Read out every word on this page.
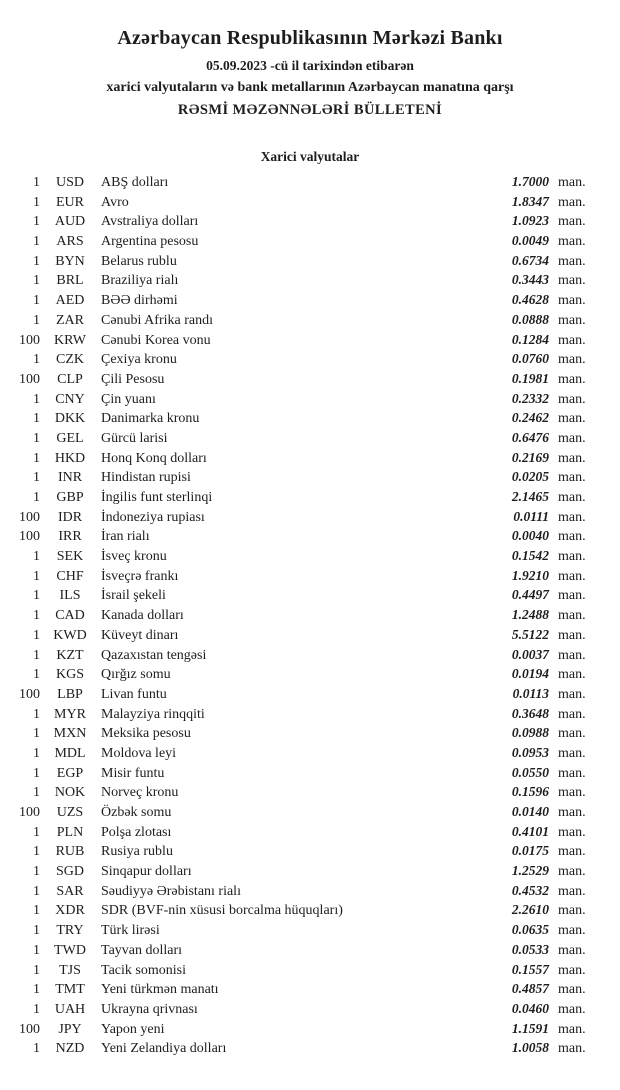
Azərbaycan Respublikasının Mərkəzi Bankı
05.09.2023 -cü il tarixindən etibarən
xarici valyutaların və bank metallarının Azərbaycan manatına qarşı
RƏSMİ MƏZƏNNƏLƏRİ BÜLLETENİ
Xarici valyutalar
1	USD	ABŞ dolları	1.7000 man.
1	EUR	Avro	1.8347 man.
1	AUD	Avstraliya dolları	1.0923 man.
1	ARS	Argentina pesosu	0.0049 man.
1	BYN	Belarus rublu	0.6734 man.
1	BRL	Braziliya rialı	0.3443 man.
1	AED	BƏƏ dirhəmi	0.4628 man.
1	ZAR	Cənubi Afrika randı	0.0888 man.
100	KRW	Cənubi Korea vonu	0.1284 man.
1	CZK	Çexiya kronu	0.0760 man.
100	CLP	Çili Pesosu	0.1981 man.
1	CNY	Çin yuanı	0.2332 man.
1	DKK	Danimarka kronu	0.2462 man.
1	GEL	Gürcü larisi	0.6476 man.
1	HKD	Honq Konq dolları	0.2169 man.
1	INR	Hindistan rupisi	0.0205 man.
1	GBP	İngilis funt sterlinqi	2.1465 man.
100	IDR	İndoneziya rupiası	0.0111 man.
100	IRR	İran rialı	0.0040 man.
1	SEK	İsveç kronu	0.1542 man.
1	CHF	İsveçrə frankı	1.9210 man.
1	ILS	İsrail şekeli	0.4497 man.
1	CAD	Kanada dolları	1.2488 man.
1 KWD	Küveyt dinarı	5.5122 man.
1	KZT	Qazaxıstan tengəsi	0.0037 man.
1	KGS	Qırğız somu	0.0194 man.
100	LBP	Livan funtu	0.0113 man.
1	MYR	Malayziya rinqqiti	0.3648 man.
1 MXN	Meksika pesosu	0.0988 man.
1	MDL	Moldova leyi	0.0953 man.
1	EGP	Misir funtu	0.0550 man.
1	NOK	Norveç kronu	0.1596 man.
100	UZS	Özbək somu	0.0140 man.
1	PLN	Polşa zlotası	0.4101 man.
1	RUB	Rusiya rublu	0.0175 man.
1	SGD	Sinqapur dolları	1.2529 man.
1	SAR	Səudiyyə Ərəbistanı rialı	0.4532 man.
1	XDR	SDR (BVF-nin xüsusi borcalma hüquqları)	2.2610 man.
1	TRY	Türk lirəsi	0.0635 man.
1	TWD	Tayvan dolları	0.0533 man.
1	TJS	Tacik somonisi	0.1557 man.
1	TMT	Yeni türkmən manatı	0.4857 man.
1	UAH	Ukrayna qrivnası	0.0460 man.
100	JPY	Yapon yeni	1.1591 man.
1	NZD	Yeni Zelandiya dolları	1.0058 man.
